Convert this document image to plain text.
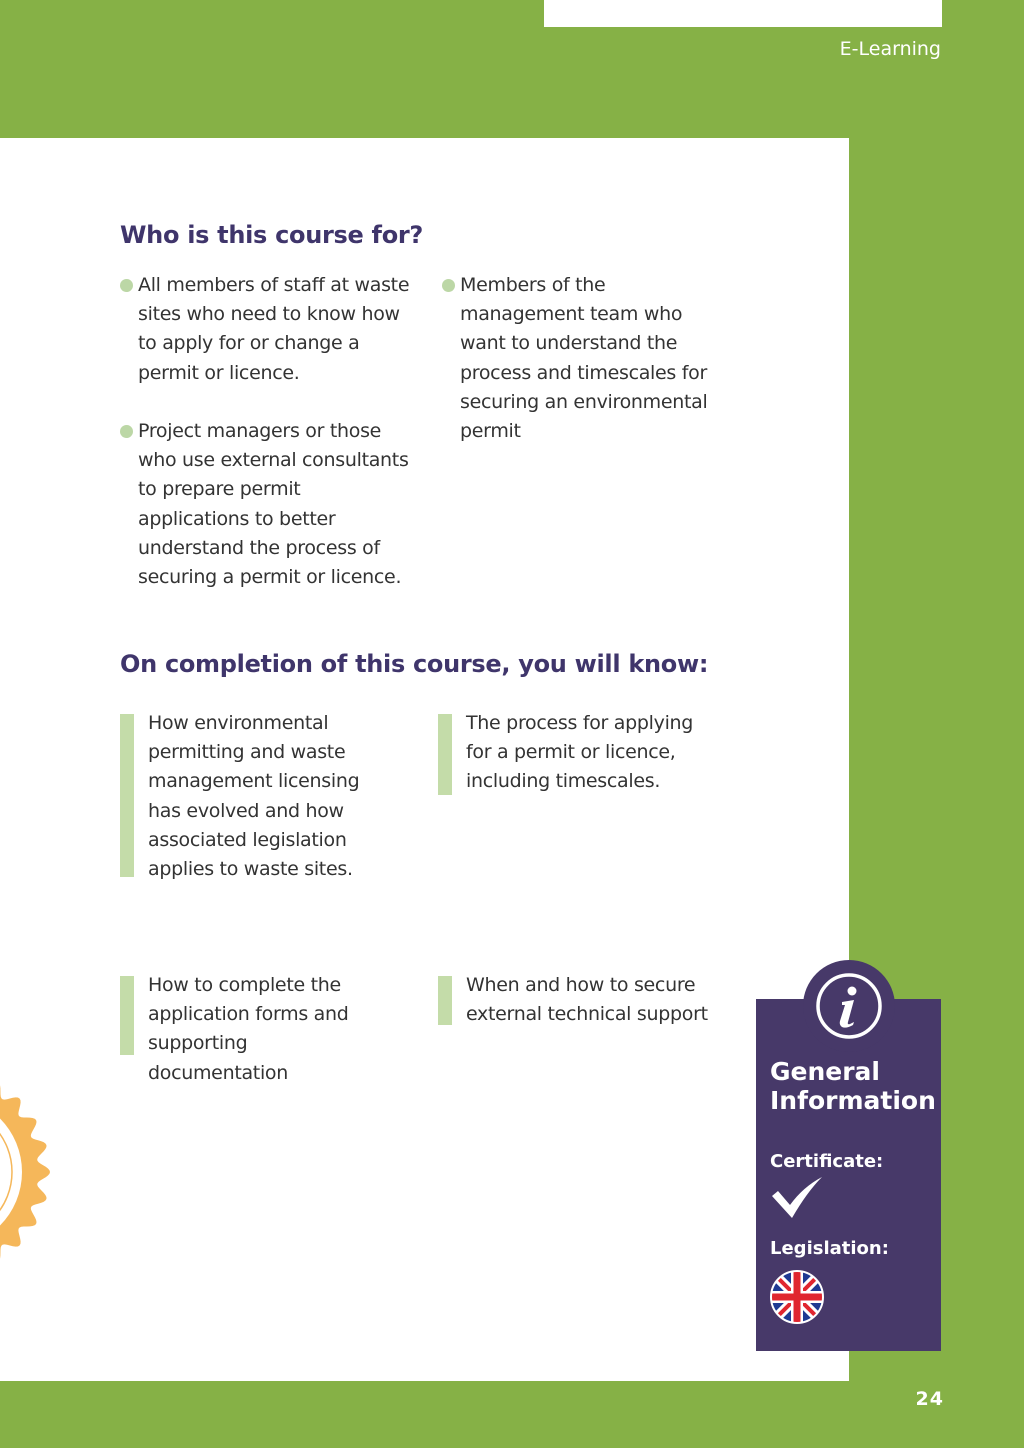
E-Learning
Who is this course for?
All members of staff at waste sites who need to know how to apply for or change a permit or licence.
Members of the management team who want to understand the process and timescales for securing an environmental permit
Project managers or those who use external consultants to prepare permit applications to better understand the process of securing a permit or licence.
On completion of this course, you will know:
How environmental permitting and waste management licensing has evolved and how associated legislation applies to waste sites.
The process for applying for a permit or licence, including timescales.
How to complete the application forms and supporting documentation
When and how to secure external technical support
General Information
Certificate:
Legislation:
24
